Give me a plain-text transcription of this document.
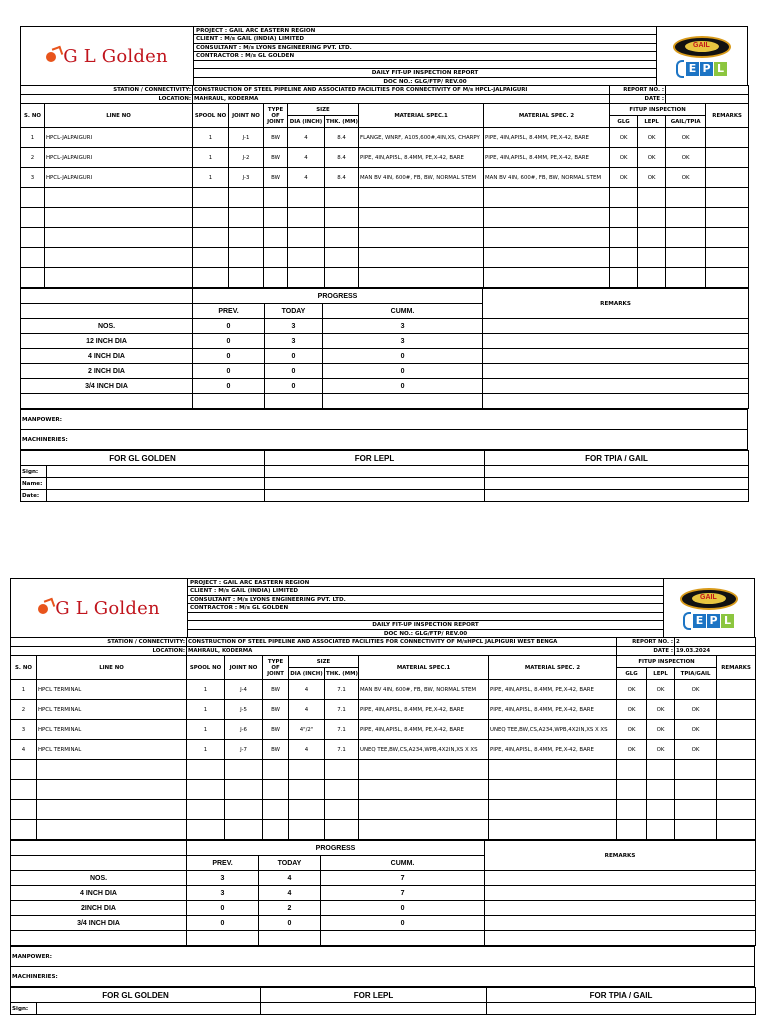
G L Golden
PROJECT : GAIL ARC EASTERN REGION
CLIENT : M/s GAIL (INDIA) LIMITED
CONSULTANT : M/s LYONS ENGINEERING PVT. LTD.
CONTRACTOR : M/s GL GOLDEN
DAILY FIT-UP INSPECTION REPORT
DOC NO.: GLG/FTP/ REV.00
GAIL
E P L
STATION / CONNECTIVITY:		CONSTRUCTION OF STEEL PIPELINE AND ASSOCIATED FACILITIES FOR CONNECTIVITY OF M/s HPCL-JALPAIGURI							REPORT NO. :			
LOCATION:		MAHRAUL, KODERMA							DATE :			
S. NO	LINE NO	SPOOL NO	JOINT NO	TYPE OF JOINT	SIZE		MATERIAL SPEC.1	MATERIAL SPEC. 2	FITUP INSPECTION			REMARKS
					DIA (INCH)	THK. (MM)			GLG	LEPL	GAIL/TPIA	
1	HPCL-JALPAIGURI	1	J-1	BW	4	8.4	FLANGE, WNRF, A105,600#,4IN,XS, CHARPY	PIPE, 4IN,API5L, 8.4MM, PE,X-42, BARE	OK	OK	OK	
2	HPCL-JALPAIGURI	1	J-2	BW	4	8.4	PIPE, 4IN,API5L, 8.4MM, PE,X-42, BARE	PIPE, 4IN,API5L, 8.4MM, PE,X-42, BARE	OK	OK	OK	
3	HPCL-JALPAIGURI	1	J-3	BW	4	8.4	MAN BV 4IN, 600#, FB, BW, NORMAL STEM	MAN BV 4IN, 600#, FB, BW, NORMAL STEM	OK	OK	OK	

	PROGRESS			REMARKS
	PREV.	TODAY	CUMM.	
NOS.	0	3	3	
12 INCH DIA	0	3	3	
4 INCH DIA	0	0	0	
2 INCH DIA	0	0	0	
3/4 INCH DIA	0	0	0	

MANPOWER:
MACHINERIES:
FOR GL GOLDEN		FOR LEPL	FOR TPIA / GAIL
Sign:			
Name:			
Date:			
G L Golden
PROJECT : GAIL ARC EASTERN REGION
CLIENT : M/s GAIL (INDIA) LIMITED
CONSULTANT : M/s LYONS ENGINEERING PVT. LTD.
CONTRACTOR : M/s GL GOLDEN
DAILY FIT-UP INSPECTION REPORT
DOC NO.: GLG/FTP/ REV.00
GAIL
E P L
STATION / CONNECTIVITY:		CONSTRUCTION OF STEEL PIPELINE AND ASSOCIATED FACILITIES FOR CONNECTIVITY OF M/sHPCL JALPIGURI WEST BENGA							REPORT NO. :		2	
LOCATION:		MAHRAUL, KODERMA							DATE :		19.03.2024	
S. NO	LINE NO	SPOOL NO	JOINT NO	TYPE OF JOINT	SIZE		MATERIAL SPEC.1	MATERIAL SPEC. 2	FITUP INSPECTION			REMARKS
					DIA (INCH)	THK. (MM)			GLG	LEPL	TPIA/GAIL	
1	HPCL TERMINAL	1	J-4	BW	4	7.1	MAN BV 4IN, 600#, FB, BW, NORMAL STEM	PIPE, 4IN,API5L, 8.4MM, PE,X-42, BARE	OK	OK	OK	
2	HPCL TERMINAL	1	J-5	BW	4	7.1	PIPE, 4IN,API5L, 8.4MM, PE,X-42, BARE	PIPE, 4IN,API5L, 8.4MM, PE,X-42, BARE	OK	OK	OK	
3	HPCL TERMINAL	1	J-6	BW	4"/2"	7.1	PIPE, 4IN,API5L, 8.4MM, PE,X-42, BARE	UNEQ TEE,BW,CS,A234,WPB,4X2IN,XS X XS	OK	OK	OK	
4	HPCL TERMINAL	1	J-7	BW	4	7.1	UNEQ TEE,BW,CS,A234,WPB,4X2IN,XS X XS	PIPE, 4IN,API5L, 8.4MM, PE,X-42, BARE	OK	OK	OK	

	PROGRESS			REMARKS
	PREV.	TODAY	CUMM.	
NOS.	3	4	7	
4 INCH DIA	3	4	7	
2INCH DIA	0	2	0	
3/4 INCH DIA	0	0	0	

MANPOWER:
MACHINERIES:
FOR GL GOLDEN		FOR LEPL	FOR TPIA / GAIL
Sign:			
